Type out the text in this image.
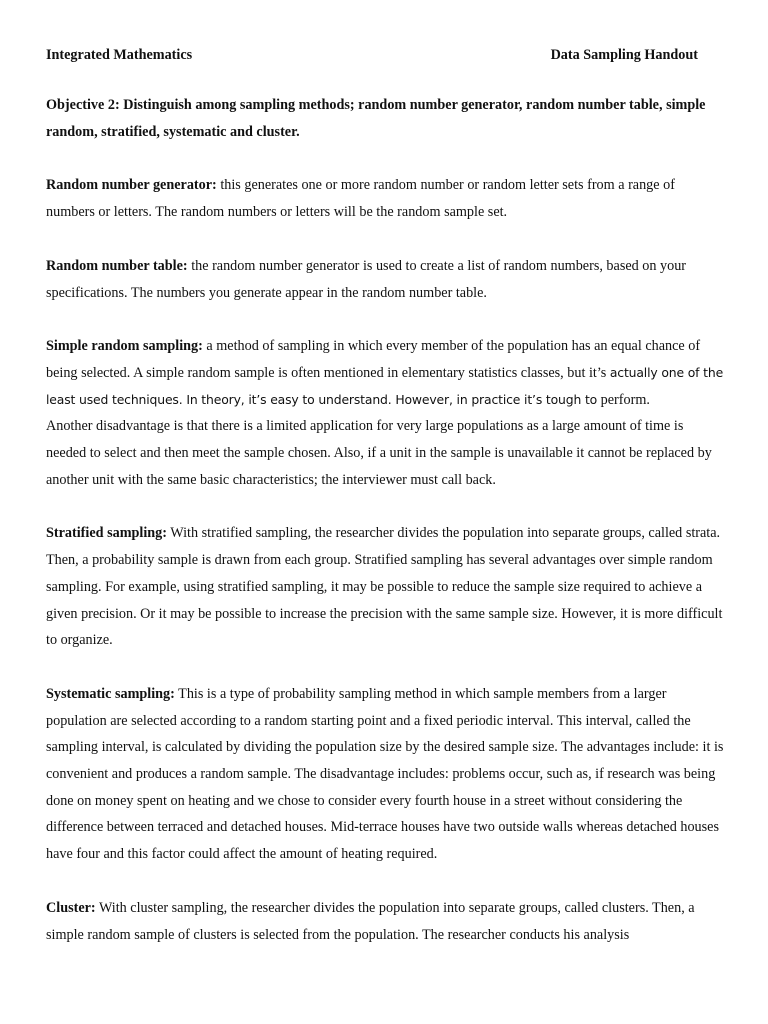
Integrated Mathematics	Data Sampling Handout

Objective 2: Distinguish among sampling methods; random number generator, random number table, simple random, stratified, systematic and cluster.

Random number generator: this generates one or more random number or random letter sets from a range of numbers or letters. The random numbers or letters will be the random sample set.

Random number table: the random number generator is used to create a list of random numbers, based on your specifications. The numbers you generate appear in the random number table.

Simple random sampling: a method of sampling in which every member of the population has an equal chance of being selected. A simple random sample is often mentioned in elementary statistics classes, but it’s actually one of the least used techniques. In theory, it’s easy to understand. However, in practice it’s tough to perform.

Another disadvantage is that there is a limited application for very large populations as a large amount of time is needed to select and then meet the sample chosen. Also, if a unit in the sample is unavailable it cannot be replaced by another unit with the same basic characteristics; the interviewer must call back.

Stratified sampling: With stratified sampling, the researcher divides the population into separate groups, called strata. Then, a probability sample is drawn from each group. Stratified sampling has several advantages over simple random sampling. For example, using stratified sampling, it may be possible to reduce the sample size required to achieve a given precision. Or it may be possible to increase the precision with the same sample size. However, it is more difficult to organize.

Systematic sampling: This is a type of probability sampling method in which sample members from a larger population are selected according to a random starting point and a fixed periodic interval. This interval, called the sampling interval, is calculated by dividing the population size by the desired sample size. The advantages include: it is convenient and produces a random sample. The disadvantage includes: problems occur, such as, if research was being done on money spent on heating and we chose to consider every fourth house in a street without considering the difference between terraced and detached houses. Mid-terrace houses have two outside walls whereas detached houses have four and this factor could affect the amount of heating required.

Cluster: With cluster sampling, the researcher divides the population into separate groups, called clusters. Then, a simple random sample of clusters is selected from the population. The researcher conducts his analysis
